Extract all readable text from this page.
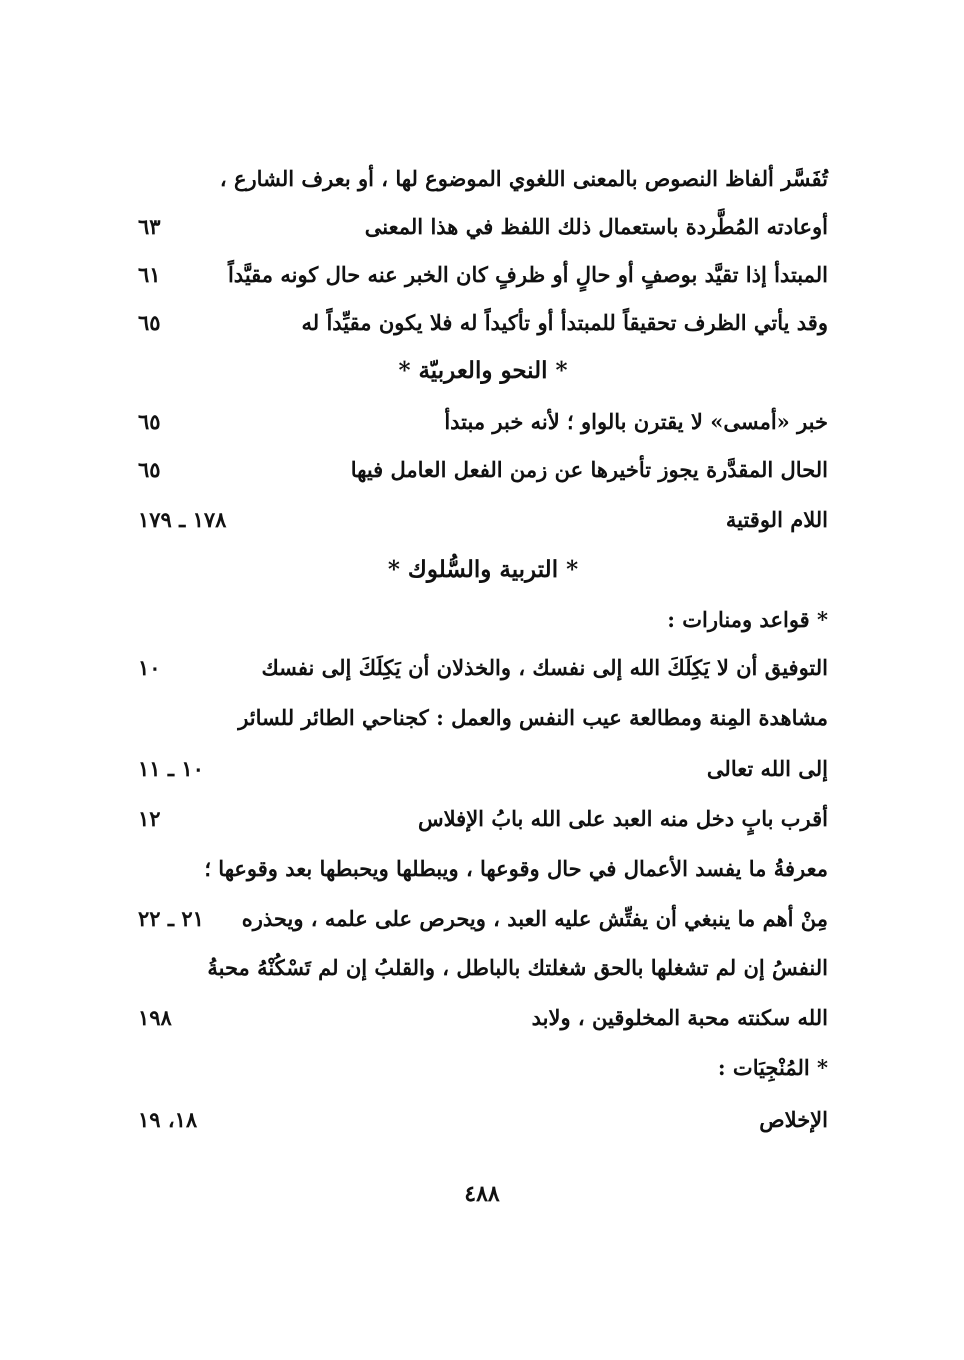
تُفَسَّر ألفاظ النصوص بالمعنى اللغوي الموضوع لها ، أو بعرف الشارع ،
أوعادته المُطَّردة باستعمال ذلك اللفظ في هذا المعنى
٦٣
المبتدأ إذا تقيَّد بوصفٍ أو حالٍ أو ظرفٍ كان الخبر عنه حال كونه مقيَّداً
٦١
وقد يأتي الظرف تحقيقاً للمبتدأ أو تأكيداً له فلا يكون مقيِّداً له
٦٥
* النحو والعربيّة *
خبر «أمسى» لا يقترن بالواو ؛ لأنه خبر مبتدأ
٦٥
الحال المقدَّرة يجوز تأخيرها عن زمن الفعل العامل فيها
٦٥
اللام الوقتية
١٧٨ ـ ١٧٩
* التربية والسُّلوك *
* قواعد ومنارات :
التوفيق أن لا يَكِلَكَ الله إلى نفسك ، والخذلان أن يَكِلَكَ إلى نفسك
١٠
مشاهدة المِنة ومطالعة عيب النفس والعمل : كجناحي الطائر للسائر
إلى الله تعالى
١٠ ـ ١١
أقرب بابٍ دخل منه العبد على الله بابُ الإفلاس
١٢
معرفةُ ما يفسد الأعمال في حال وقوعها ، ويبطلها ويحبطها بعد وقوعها ؛
مِنْ أهم ما ينبغي أن يفتِّش عليه العبد ، ويحرص على علمه ، ويحذره
٢١ ـ ٢٢
النفسُ إن لم تشغلها بالحق شغلتك بالباطل ، والقلبُ إن لم تَسْكُنْهُ محبةُ
الله سكنته محبة المخلوقين ، ولابد
١٩٨
* المُنْجِيَات :
الإخلاص
١٨، ١٩
٤٨٨
